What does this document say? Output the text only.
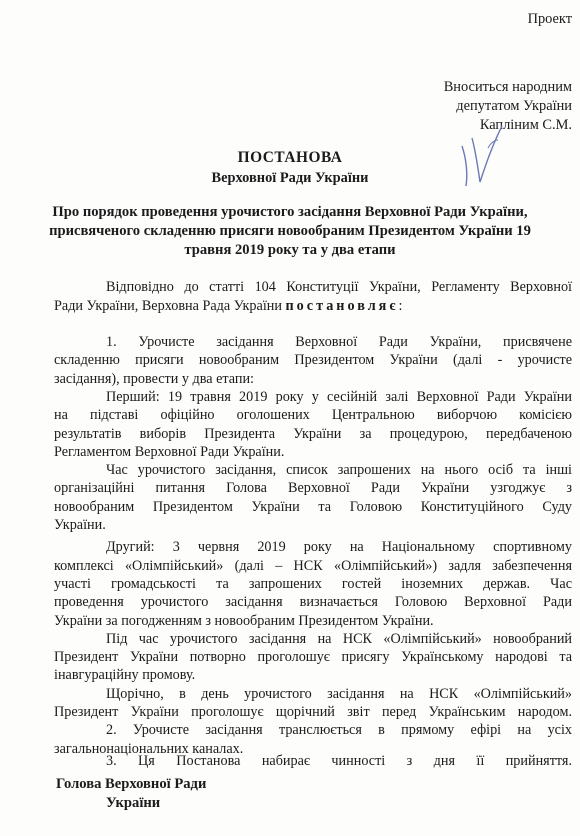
Проект
Вноситься народним
депутатом України
Каплiним С.М.
ПОСТАНОВА
Верховної Ради України
Про порядок проведення урочистого засідання Верховної Ради України,
присвяченого складенню присяги новообраним Президентом України 19
травня 2019 року та у два етапи
Відповідно до статті 104 Конституції України, Регламенту Верховної
Ради України, Верховна Рада України постановляє:
1. Урочисте засідання Верховної Ради України, присвячене
складенню присяги новообраним Президентом України (далі - урочисте
засідання), провести у два етапи:
Перший: 19 травня 2019 року у сесійній залі Верховної Ради України
на підставі офіційно оголошених Центральною виборчою комісією
результатів виборів Президента України за процедурою, передбаченою
Регламентом Верховної Ради України.
Час урочистого засідання, список запрошених на нього осіб та інші
організаційні питання Голова Верховної Ради України узгоджує з
новообраним Президентом України та Головою Конституційного Суду
України.
Другий: 3 червня 2019 року на Національному спортивному
комплексі «Олімпійський» (далі – НСК «Олімпійський») задля забезпечення
участі громадськості та запрошених гостей іноземних держав. Час
проведення урочистого засідання визначається Головою Верховної Ради
України за погодженням з новообраним Президентом України.
Під час урочистого засідання на НСК «Олімпійський» новообраний
Президент України потворно проголошує присягу Українському народові та
інавгураційну промову.
Щорічно, в день урочистого засідання на НСК «Олімпійський»
Президент України проголошує щорічний звіт перед Українським народом.
2. Урочисте засідання транслюється в прямому ефірі на усіх
загальнонаціональних каналах.
Голова Верховної Ради
України
3. Ця Постанова набирає чинності з дня її прийняття.
